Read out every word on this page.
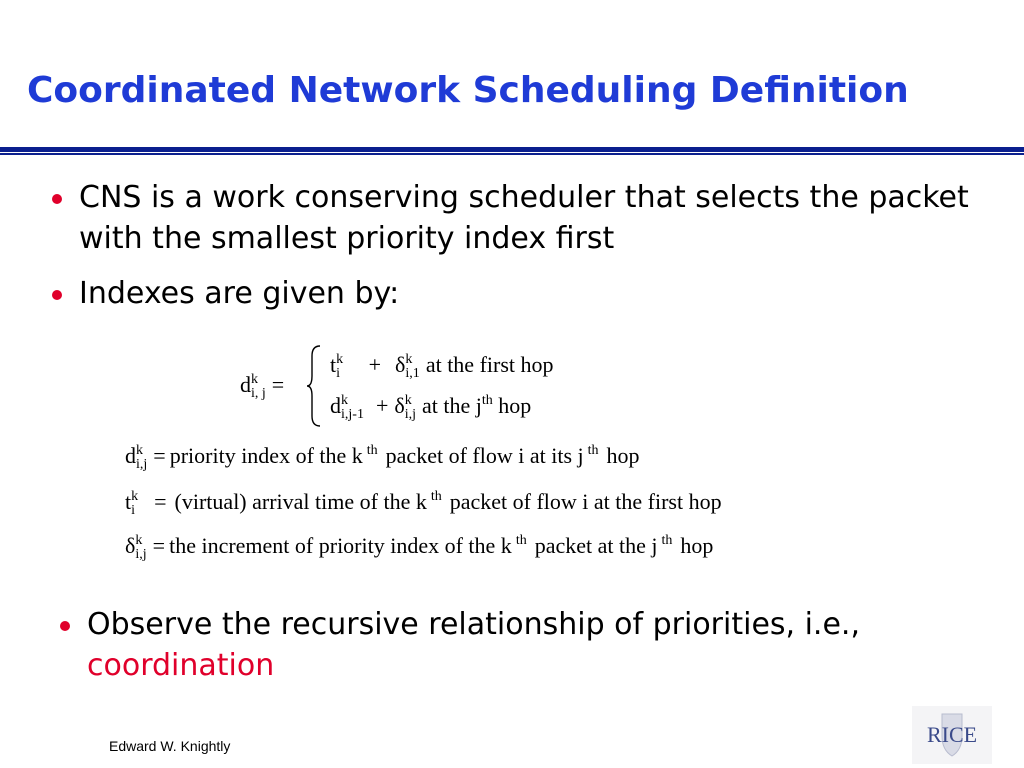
Coordinated Network Scheduling Definition
CNS is a work conserving scheduler that selects the packet with the smallest priority index first
Indexes are given by:
d k
i, j =
t k
i + δ k
i,1 at the first hop
d k
i,j-1 + δ k
i,j at the $j^{th}$ hop
d k
i,j = priority index of the k $^{th}$ packet of flow i at its j $^{th}$ hop
t k
i = (virtual) arrival time of the k $^{th}$ packet of flow i at the first hop
δ k
i,j = the increment of priority index of the k $^{th}$ packet at the j $^{th}$ hop
Observe the recursive relationship of priorities, i.e.,
coordination
Edward W. Knightly	RICE
